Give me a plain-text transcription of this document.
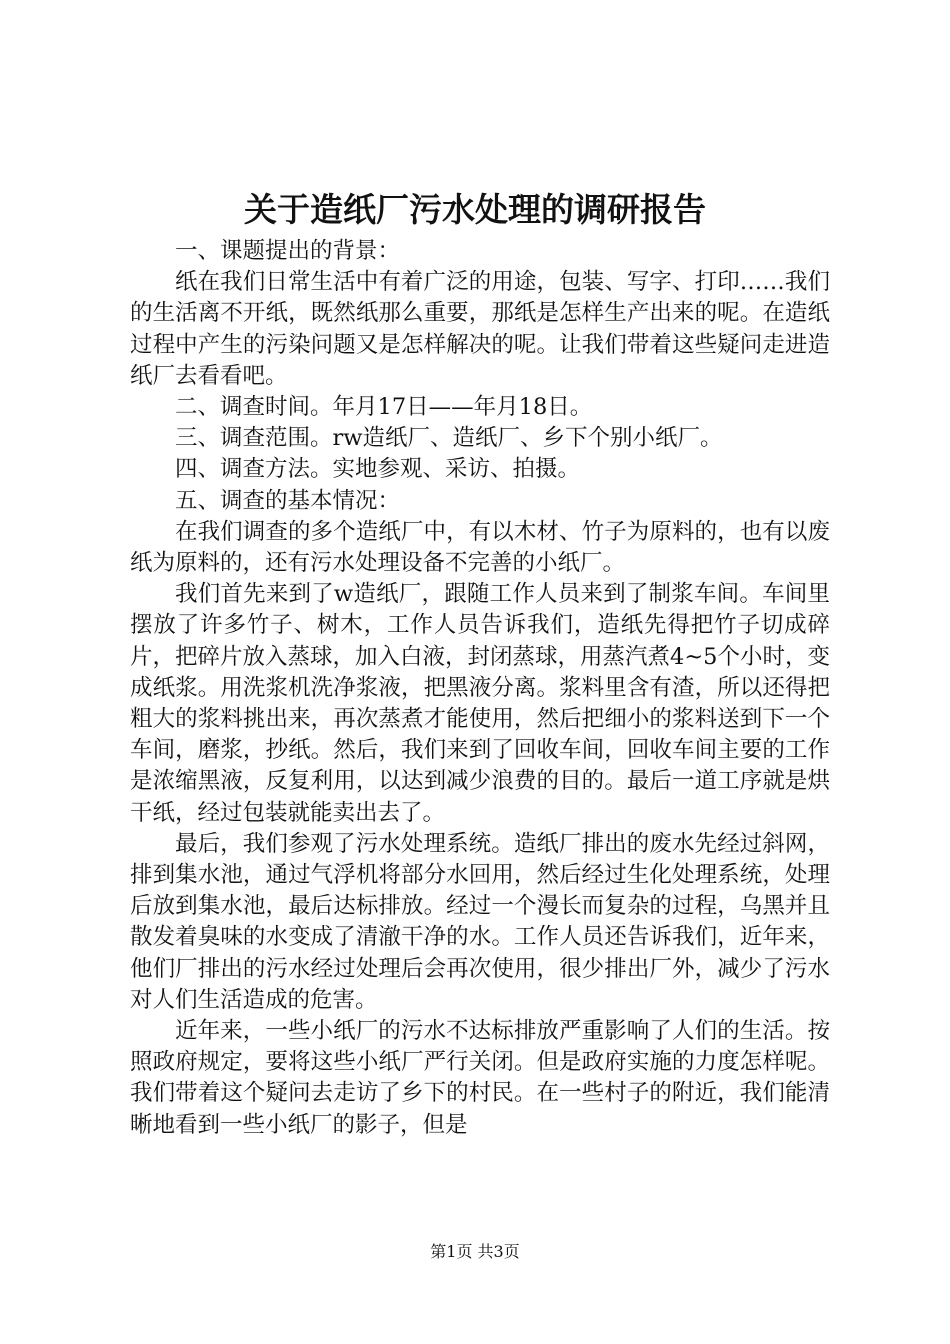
关于造纸厂污水处理的调研报告

一、课题提出的背景：

纸在我们日常生活中有着广泛的用途，包装、写字、打印……我们的生活离不开纸，既然纸那么重要，那纸是怎样生产出来的呢。在造纸过程中产生的污染问题又是怎样解决的呢。让我们带着这些疑问走进造纸厂去看看吧。

二、调查时间。年月17日——年月18日。

三、调查范围。rw造纸厂、造纸厂、乡下个别小纸厂。

四、调查方法。实地参观、采访、拍摄。

五、调查的基本情况：

在我们调查的多个造纸厂中，有以木材、竹子为原料的，也有以废纸为原料的，还有污水处理设备不完善的小纸厂。

我们首先来到了w造纸厂，跟随工作人员来到了制浆车间。车间里摆放了许多竹子、树木，工作人员告诉我们，造纸先得把竹子切成碎片，把碎片放入蒸球，加入白液，封闭蒸球，用蒸汽煮4~5个小时，变成纸浆。用洗浆机洗净浆液，把黑液分离。浆料里含有渣，所以还得把粗大的浆料挑出来，再次蒸煮才能使用，然后把细小的浆料送到下一个车间，磨浆，抄纸。然后，我们来到了回收车间，回收车间主要的工作是浓缩黑液，反复利用，以达到减少浪费的目的。最后一道工序就是烘干纸，经过包装就能卖出去了。

最后，我们参观了污水处理系统。造纸厂排出的废水先经过斜网，排到集水池，通过气浮机将部分水回用，然后经过生化处理系统，处理后放到集水池，最后达标排放。经过一个漫长而复杂的过程，乌黑并且散发着臭味的水变成了清澈干净的水。工作人员还告诉我们，近年来，他们厂排出的污水经过处理后会再次使用，很少排出厂外，减少了污水对人们生活造成的危害。

近年来，一些小纸厂的污水不达标排放严重影响了人们的生活。按照政府规定，要将这些小纸厂严行关闭。但是政府实施的力度怎样呢。我们带着这个疑问去走访了乡下的村民。在一些村子的附近，我们能清晰地看到一些小纸厂的影子，但是

第1页 共3页
